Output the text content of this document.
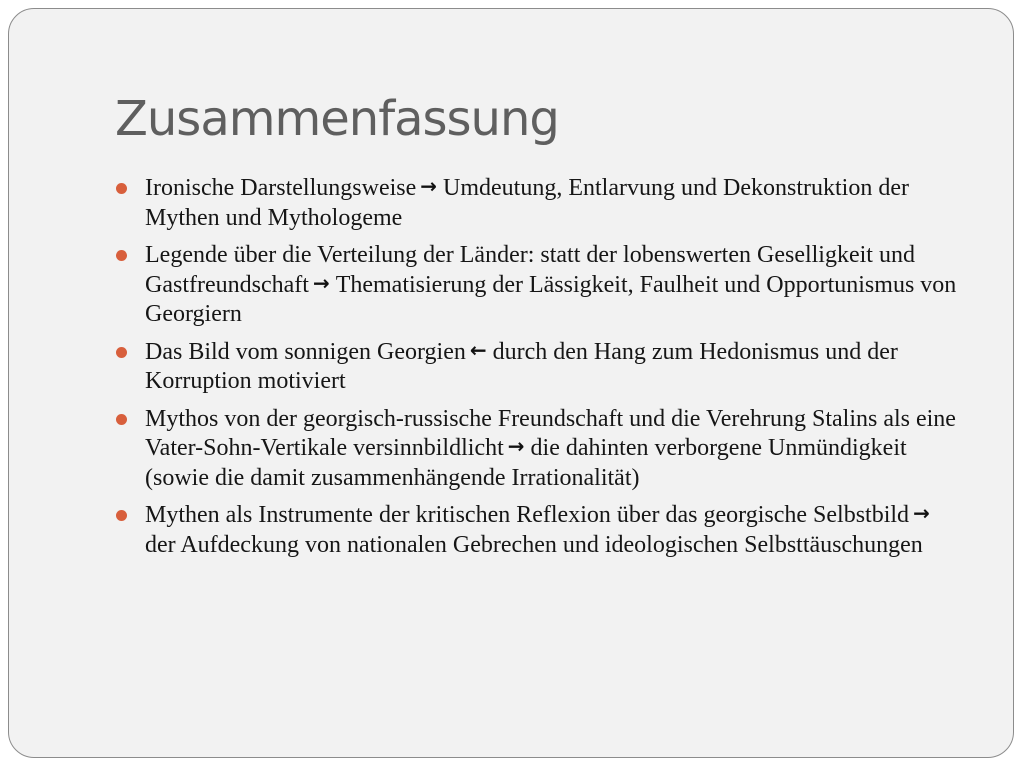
Zusammenfassung
Ironische Darstellungsweise → Umdeutung, Entlarvung und Dekonstruktion der Mythen und Mythologeme
Legende über die Verteilung der Länder: statt der lobenswerten Geselligkeit und Gastfreundschaft → Thematisierung der Lässigkeit, Faulheit und Opportunismus von Georgiern
Das Bild vom sonnigen Georgien ← durch den Hang zum Hedonismus und der Korruption motiviert
Mythos von der georgisch-russische Freundschaft und die Verehrung Stalins als eine Vater-Sohn-Vertikale versinnbildlicht → die dahinten verborgene Unmündigkeit (sowie die damit zusammenhängende Irrationalität)
Mythen als Instrumente der kritischen Reflexion über das georgische Selbstbild →der Aufdeckung von nationalen Gebrechen und ideologischen Selbsttäuschungen
